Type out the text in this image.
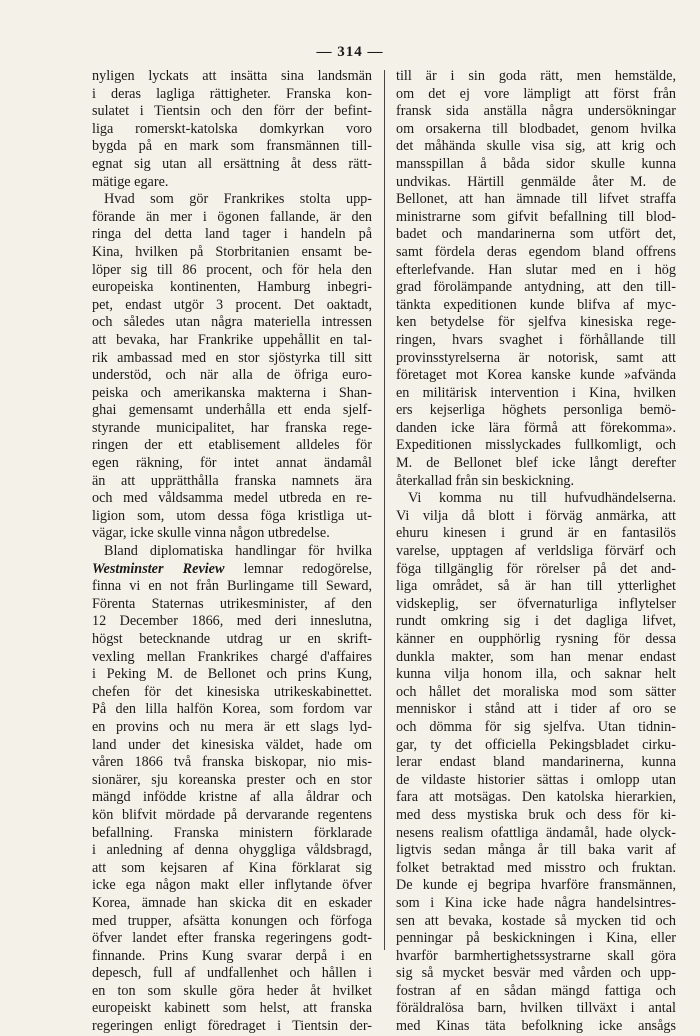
— 314 —

nyligen lyckats att insätta sina landsmän

i deras lagliga rättigheter. Franska kon-

sulatet i Tientsin och den förr der befint-

liga romerskt-katolska domkyrkan voro

bygda på en mark som fransmännen till-

egnat sig utan all ersättning åt dess rätt-

mätige egare.

Hvad som gör Frankrikes stolta upp-

förande än mer i ögonen fallande, är den

ringa del detta land tager i handeln på

Kina, hvilken på Storbritanien ensamt be-

löper sig till 86 procent, och för hela den

europeiska kontinenten, Hamburg inbegri-

pet, endast utgör 3 procent. Det oaktadt,

och således utan några materiella intressen

att bevaka, har Frankrike uppehållit en tal-

rik ambassad med en stor sjöstyrka till sitt

understöd, och när alla de öfriga euro-

peiska och amerikanska makterna i Shan-

ghai gemensamt underhålla ett enda sjelf-

styrande municipalitet, har franska rege-

ringen der ett etablisement alldeles för

egen räkning, för intet annat ändamål

än att upprätthålla franska namnets ära

och med våldsamma medel utbreda en re-

ligion som, utom dessa föga kristliga ut-

vägar, icke skulle vinna någon utbredelse.

Bland diplomatiska handlingar för hvilka

Westminster Review lemnar redogörelse,

finna vi en not från Burlingame till Seward,

Förenta Staternas utrikesminister, af den

12 December 1866, med deri inneslutna,

högst betecknande utdrag ur en skrift-

vexling mellan Frankrikes chargé d'affaires

i Peking M. de Bellonet och prins Kung,

chefen för det kinesiska utrikeskabinettet.

På den lilla halfön Korea, som fordom var

en provins och nu mera är ett slags lyd-

land under det kinesiska väldet, hade om

våren 1866 två franska biskopar, nio mis-

sionärer, sju koreanska prester och en stor

mängd infödde kristne af alla åldrar och

kön blifvit mördade på dervarande regentens

befallning. Franska ministern förklarade

i anledning af denna ohyggliga våldsbragd,

att som kejsaren af Kina förklarat sig

icke ega någon makt eller inflytande öfver

Korea, ämnade han skicka dit en eskader

med trupper, afsätta konungen och förfoga

öfver landet efter franska regeringens godt-

finnande. Prins Kung svarar derpå i en

depesch, full af undfallenhet och hållen i

en ton som skulle göra heder åt hvilket

europeiskt kabinett som helst, att franska

regeringen enligt föredraget i Tientsin der-

till är i sin goda rätt, men hemstälde,

om det ej vore lämpligt att först från

fransk sida anställa några undersökningar

om orsakerna till blodbadet, genom hvilka

det måhända skulle visa sig, att krig och

mansspillan å båda sidor skulle kunna

undvikas. Härtill genmälde åter M. de

Bellonet, att han ämnade till lifvet straffa

ministrarne som gifvit befallning till blod-

badet och mandarinerna som utfört det,

samt fördela deras egendom bland offrens

efterlefvande. Han slutar med en i hög

grad förolämpande antydning, att den till-

tänkta expeditionen kunde blifva af myc-

ken betydelse för sjelfva kinesiska rege-

ringen, hvars svaghet i förhållande till

provinsstyrelserna är notorisk, samt att

företaget mot Korea kanske kunde »afvända

en militärisk intervention i Kina, hvilken

ers kejserliga höghets personliga bemö-

danden icke lära förmå att förekomma».

Expeditionen misslyckades fullkomligt, och

M. de Bellonet blef icke långt derefter

återkallad från sin beskickning.

Vi komma nu till hufvudhändelserna.

Vi vilja då blott i förväg anmärka, att

ehuru kinesen i grund är en fantasilös

varelse, upptagen af verldsliga förvärf och

föga tillgänglig för rörelser på det and-

liga området, så är han till ytterlighet

vidskeplig, ser öfvernaturliga inflytelser

rundt omkring sig i det dagliga lifvet,

känner en oupphörlig rysning för dessa

dunkla makter, som han menar endast

kunna vilja honom illa, och saknar helt

och hållet det moraliska mod som sätter

menniskor i stånd att i tider af oro se

och dömma för sig sjelfva. Utan tidnin-

gar, ty det officiella Pekingsbladet cirku-

lerar endast bland mandarinerna, kunna

de vildaste historier sättas i omlopp utan

fara att motsägas. Den katolska hierarkien,

med dess mystiska bruk och dess för ki-

nesens realism ofattliga ändamål, hade olyck-

ligtvis sedan många år till baka varit af

folket betraktad med misstro och fruktan.

De kunde ej begripa hvarföre fransmännen,

som i Kina icke hade några handelsintres-

sen att bevaka, kostade så mycken tid och

penningar på beskickningen i Kina, eller

hvarför barmhertighetssystrarne skall göra

sig så mycket besvär med vården och upp-

fostran af en sådan mängd fattiga och

föräldralösa barn, hvilken tillväxt i antal

med Kinas täta befolkning icke ansågs
